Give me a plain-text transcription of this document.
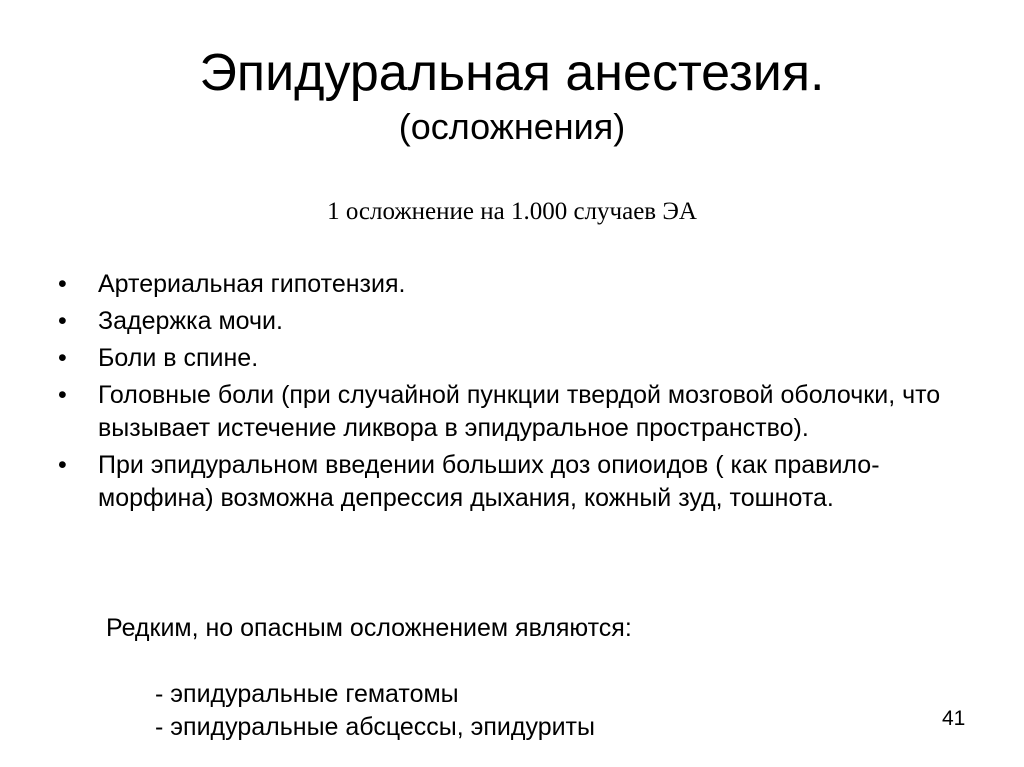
Эпидуральная анестезия.
(осложнения)
1 осложнение на 1.000 случаев ЭА
•	Артериальная гипотензия.
•	Задержка мочи.
•	Боли в спине.
•	Головные боли (при случайной пункции твердой мозговой оболочки, что вызывает истечение ликвора в эпидуральное пространство).
•	При эпидуральном введении больших доз опиоидов ( как правило- морфина) возможна депрессия дыхания, кожный зуд, тошнота.
Редким, но опасным осложнением являются:
- эпидуральные гематомы
- эпидуральные абсцессы, эпидуриты	41
